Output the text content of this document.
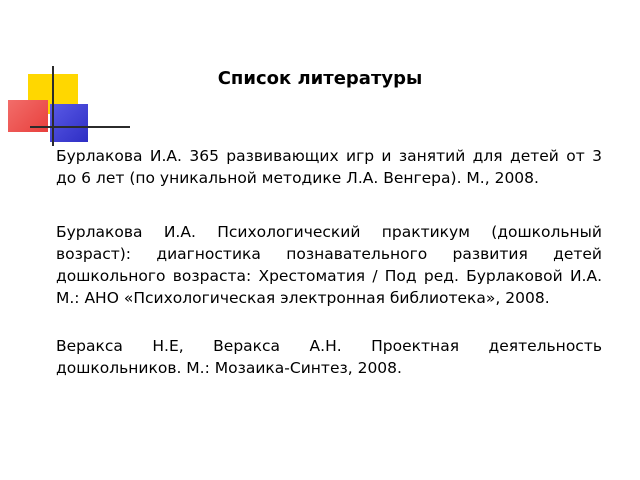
Список литературы

Бурлакова И.А. 365 развивающих игр и занятий для детей от 3 до 6 лет (по уникальной методике Л.А. Венгера). М., 2008.

Бурлакова И.А. Психологический практикум (дошкольный возраст): диагностика познавательного развития детей дошкольного возраста: Хрестоматия / Под ред. Бурлаковой И.А. М.: АНО «Психологическая электронная библиотека», 2008.

Веракса Н.Е, Веракса А.Н. Проектная деятельность дошкольников. М.: Мозаика-Синтез, 2008.
